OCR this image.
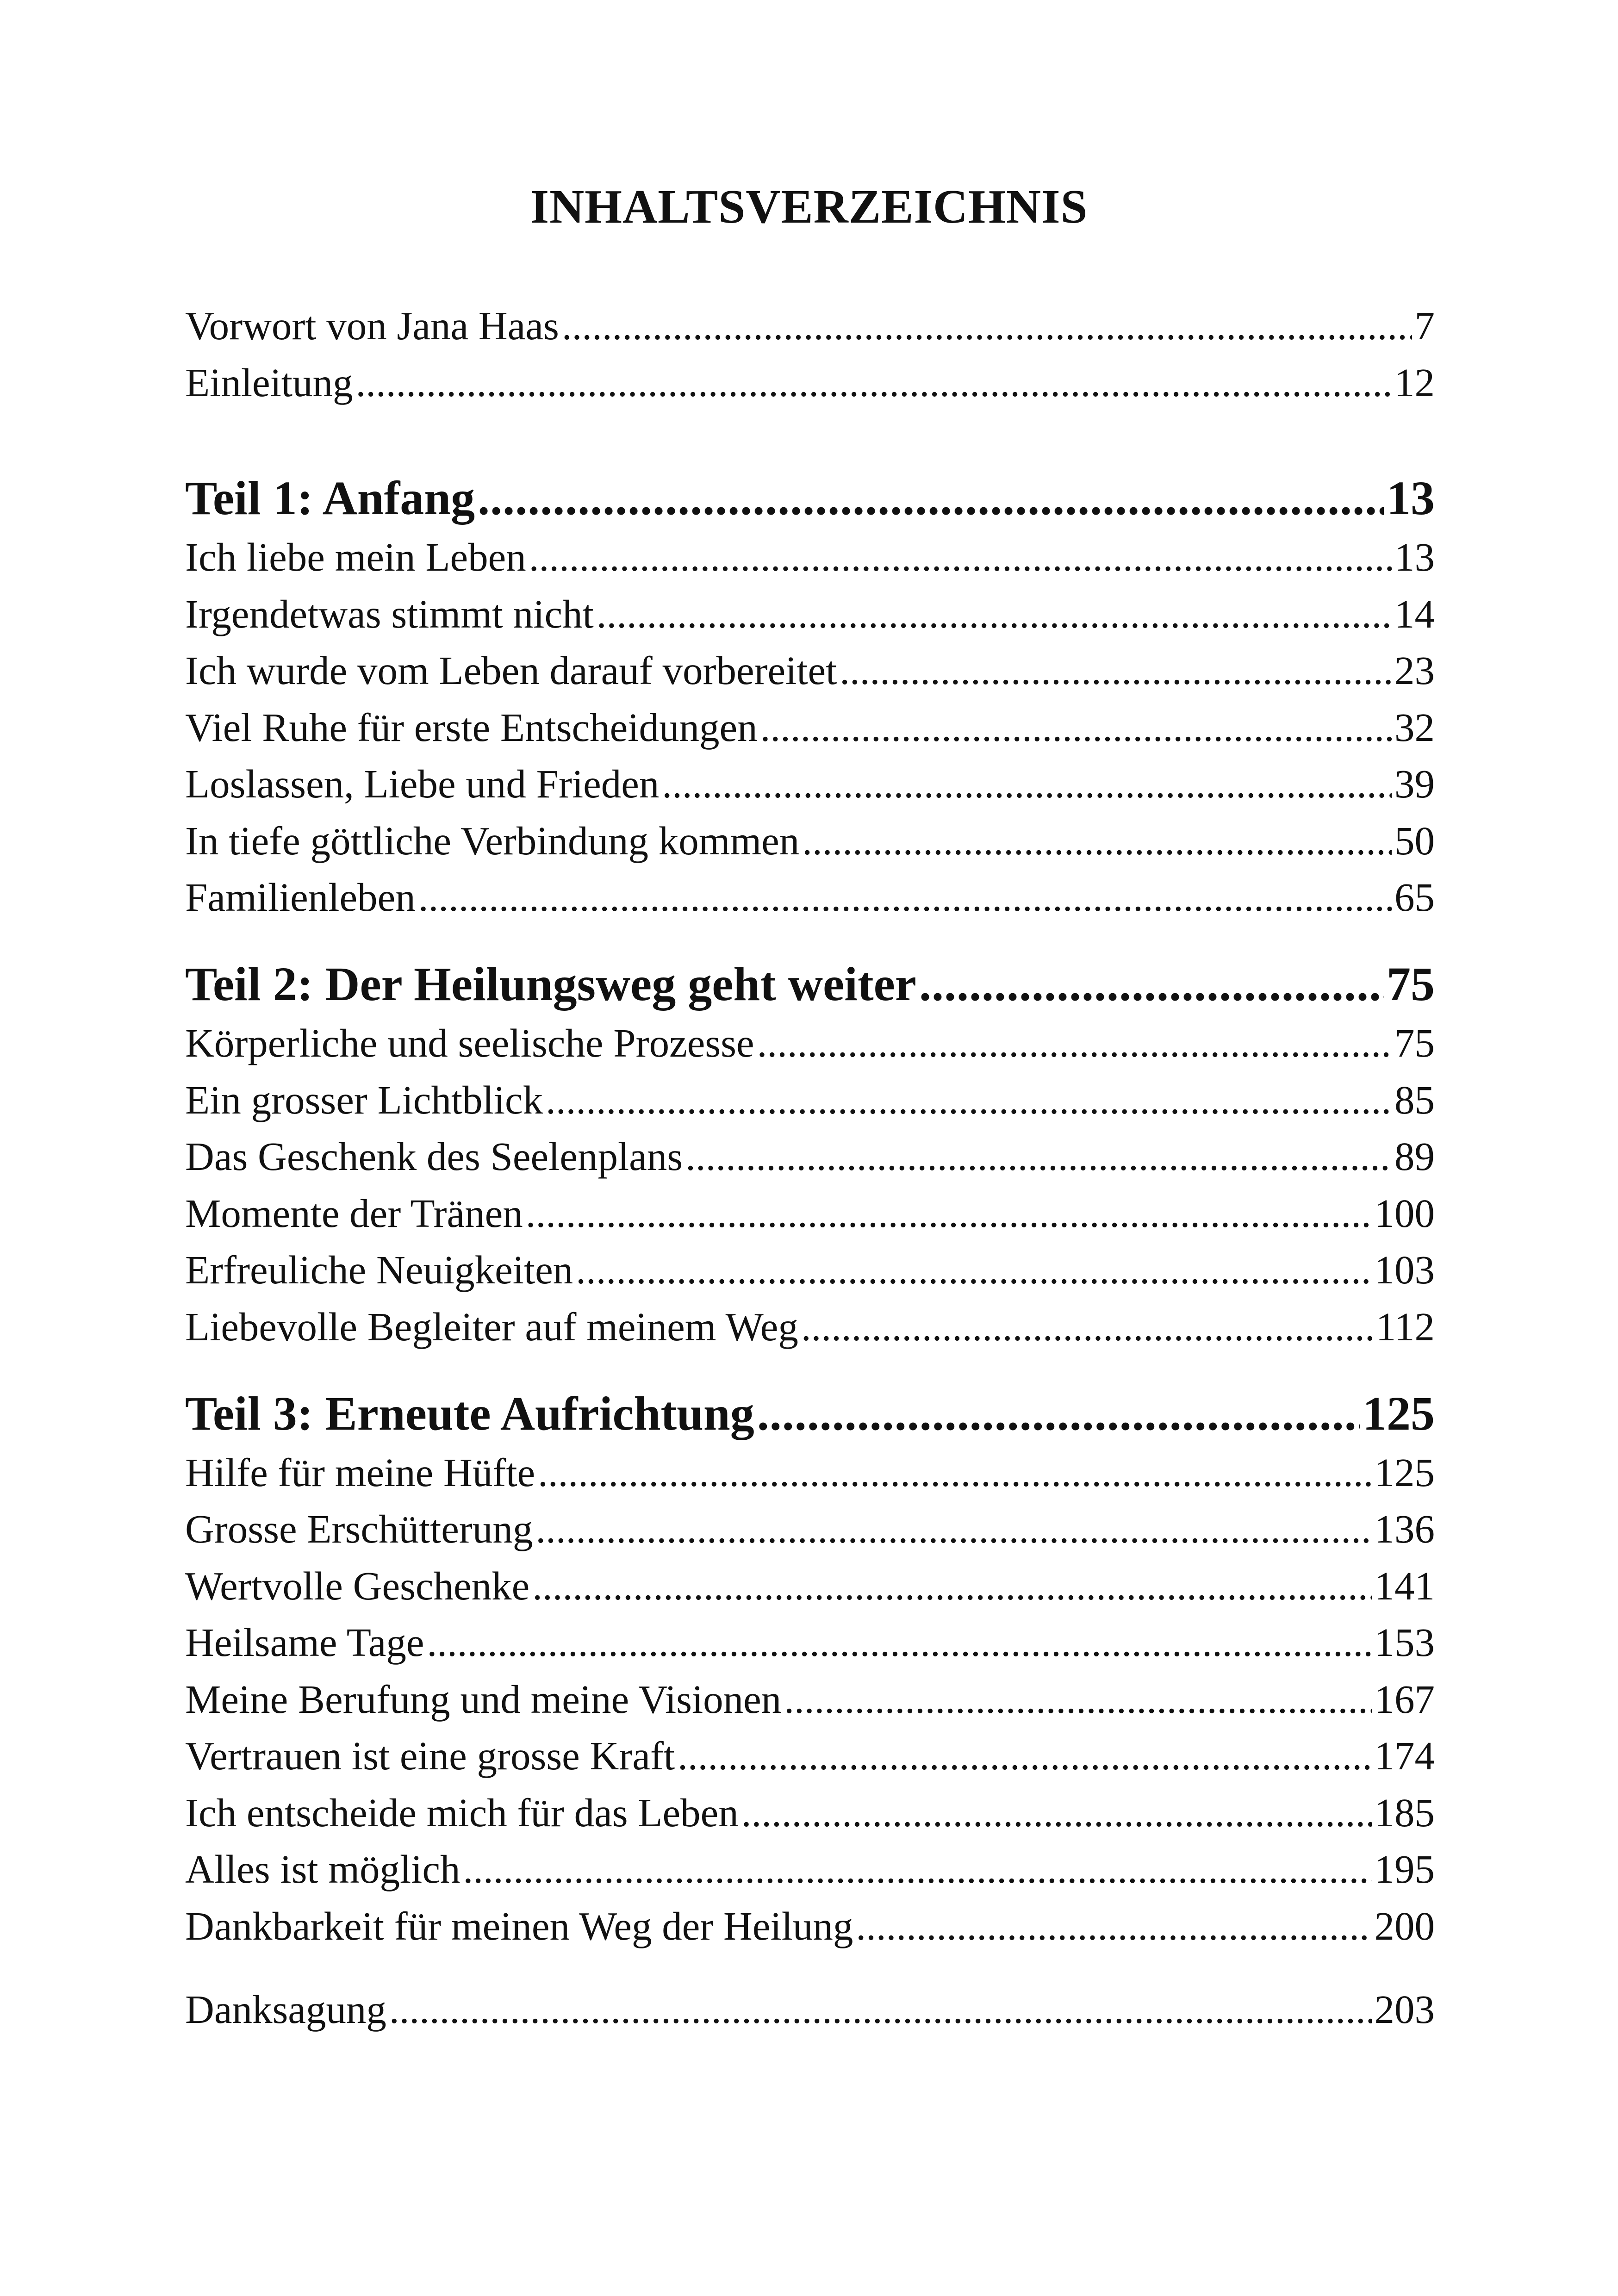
INHALTSVERZEICHNIS
Vorwort von Jana Haas .....	7
Einleitung .....	12
Teil 1: Anfang .....	13
Ich liebe mein Leben .....	13
Irgendetwas stimmt nicht .....	14
Ich wurde vom Leben darauf vorbereitet .....	23
Viel Ruhe für erste Entscheidungen .....	32
Loslassen, Liebe und Frieden .....	39
In tiefe göttliche Verbindung kommen .....	50
Familienleben .....	65
Teil 2: Der Heilungsweg geht weiter .....	75
Körperliche und seelische Prozesse .....	75
Ein grosser Lichtblick .....	85
Das Geschenk des Seelenplans .....	89
Momente der Tränen .....	100
Erfreuliche Neuigkeiten .....	103
Liebevolle Begleiter auf meinem Weg .....	112
Teil 3: Erneute Aufrichtung .....	125
Hilfe für meine Hüfte .....	125
Grosse Erschütterung .....	136
Wertvolle Geschenke .....	141
Heilsame Tage .....	153
Meine Berufung und meine Visionen .....	167
Vertrauen ist eine grosse Kraft .....	174
Ich entscheide mich für das Leben .....	185
Alles ist möglich .....	195
Dankbarkeit für meinen Weg der Heilung .....	200
Danksagung .....	203
